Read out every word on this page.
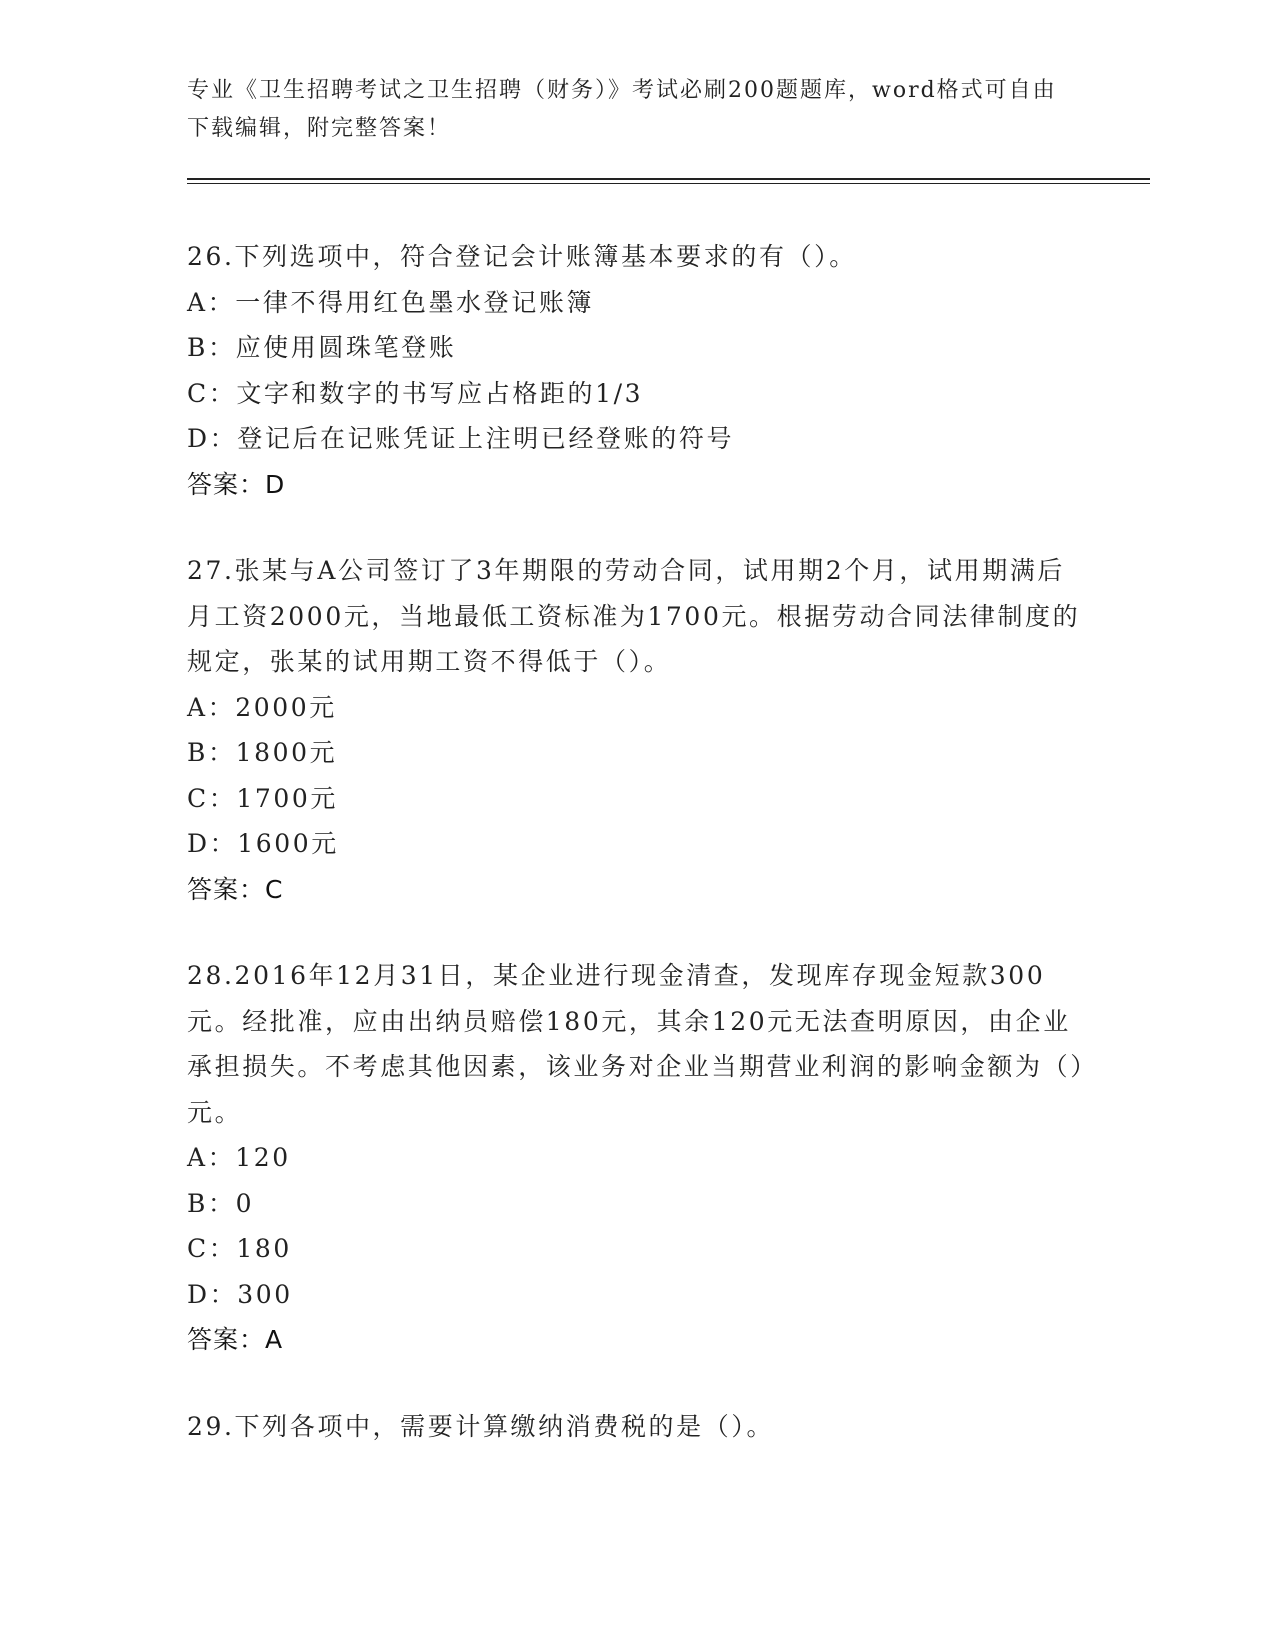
专业《卫生招聘考试之卫生招聘（财务）》考试必刷200题题库，word格式可自由下载编辑，附完整答案！
26.下列选项中，符合登记会计账簿基本要求的有（）。
A：一律不得用红色墨水登记账簿
B：应使用圆珠笔登账
C：文字和数字的书写应占格距的1/3
D：登记后在记账凭证上注明已经登账的符号
答案：D
27.张某与A公司签订了3年期限的劳动合同，试用期2个月，试用期满后月工资2000元，当地最低工资标准为1700元。根据劳动合同法律制度的规定，张某的试用期工资不得低于（）。
A：2000元
B：1800元
C：1700元
D：1600元
答案：C
28.2016年12月31日，某企业进行现金清查，发现库存现金短款300元。经批准，应由出纳员赔偿180元，其余120元无法查明原因，由企业承担损失。不考虑其他因素，该业务对企业当期营业利润的影响金额为（）元。
A：120
B：0
C：180
D：300
答案：A
29.下列各项中，需要计算缴纳消费税的是（）。
